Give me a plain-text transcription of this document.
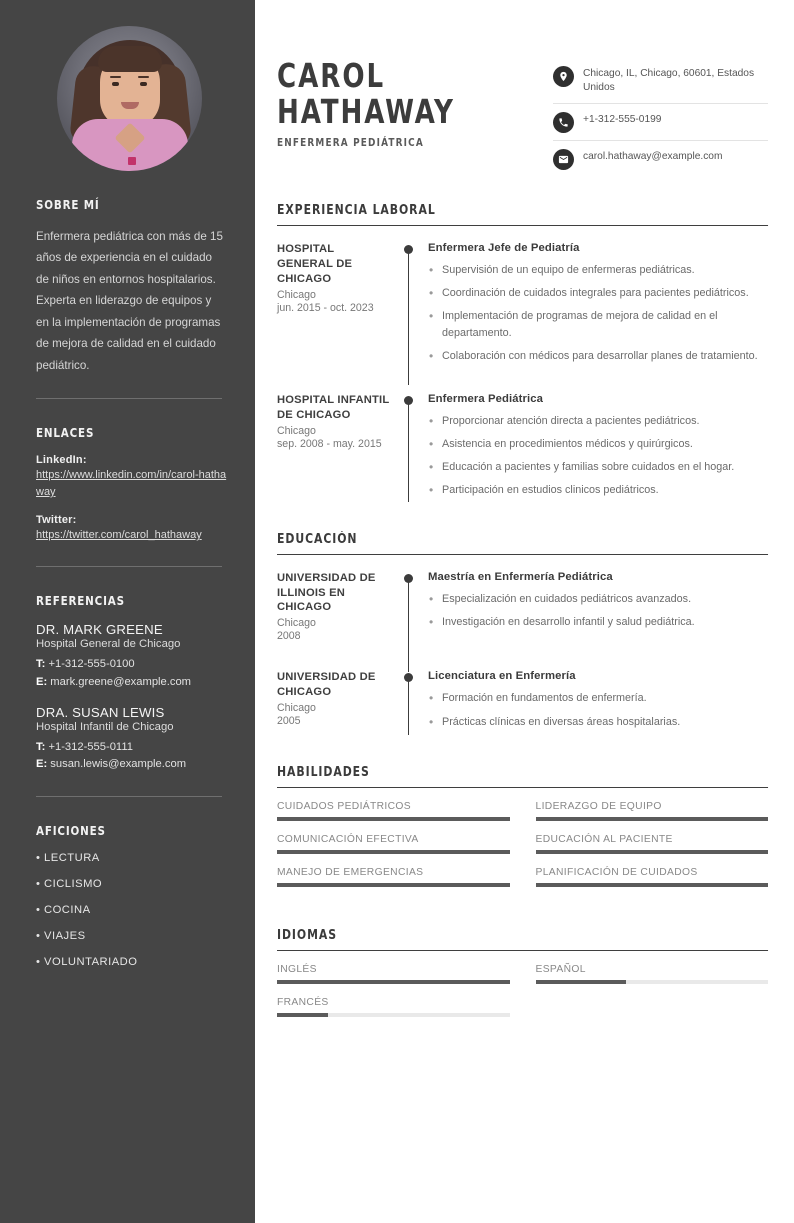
SOBRE MÍ

Enfermera pediátrica con más de 15 años de experiencia en el cuidado de niños en entornos hospitalarios. Experta en liderazgo de equipos y en la implementación de programas de mejora de calidad en el cuidado pediátrico.

ENLACES
LinkedIn:
https://www.linkedin.com/in/carol-hathaway
Twitter:
https://twitter.com/carol_hathaway
REFERENCIAS
DR. MARK GREENE
Hospital General de Chicago
T: +1-312-555-0100
E: mark.greene@example.com
DRA. SUSAN LEWIS
Hospital Infantil de Chicago
T: +1-312-555-0111
E: susan.lewis@example.com
AFICIONES
• LECTURA
• CICLISMO
• COCINA
• VIAJES
• VOLUNTARIADO
CAROL
HATHAWAY
ENFERMERA PEDIÁTRICA
Chicago, IL, Chicago, 60601, Estados Unidos
+1-312-555-0199
carol.hathaway@example.com
EXPERIENCIA LABORAL
HOSPITAL GENERAL DE CHICAGO
Chicago
jun. 2015 - oct. 2023
Enfermera Jefe de Pediatría
• Supervisión de un equipo de enfermeras pediátricas.
• Coordinación de cuidados integrales para pacientes pediátricos.
• Implementación de programas de mejora de calidad en el departamento.
• Colaboración con médicos para desarrollar planes de tratamiento.
HOSPITAL INFANTIL DE CHICAGO
Chicago
sep. 2008 - may. 2015
Enfermera Pediátrica
• Proporcionar atención directa a pacientes pediátricos.
• Asistencia en procedimientos médicos y quirúrgicos.
• Educación a pacientes y familias sobre cuidados en el hogar.
• Participación en estudios clinicos pediátricos.
EDUCACIÓN
UNIVERSIDAD DE ILLINOIS EN CHICAGO
Chicago
2008
Maestría en Enfermería Pediátrica
• Especialización en cuidados pediátricos avanzados.
• Investigación en desarrollo infantil y salud pediátrica.
UNIVERSIDAD DE CHICAGO
Chicago
2005
Licenciatura en Enfermería
• Formación en fundamentos de enfermería.
• Prácticas clínicas en diversas áreas hospitalarias.
HABILIDADES
CUIDADOS PEDIÁTRICOS	LIDERAZGO DE EQUIPO
COMUNICACIÓN EFECTIVA	EDUCACIÓN AL PACIENTE
MANEJO DE EMERGENCIAS	PLANIFICACIÓN DE CUIDADOS
IDIOMAS
INGLÉS	ESPAÑOL
FRANCÉS
